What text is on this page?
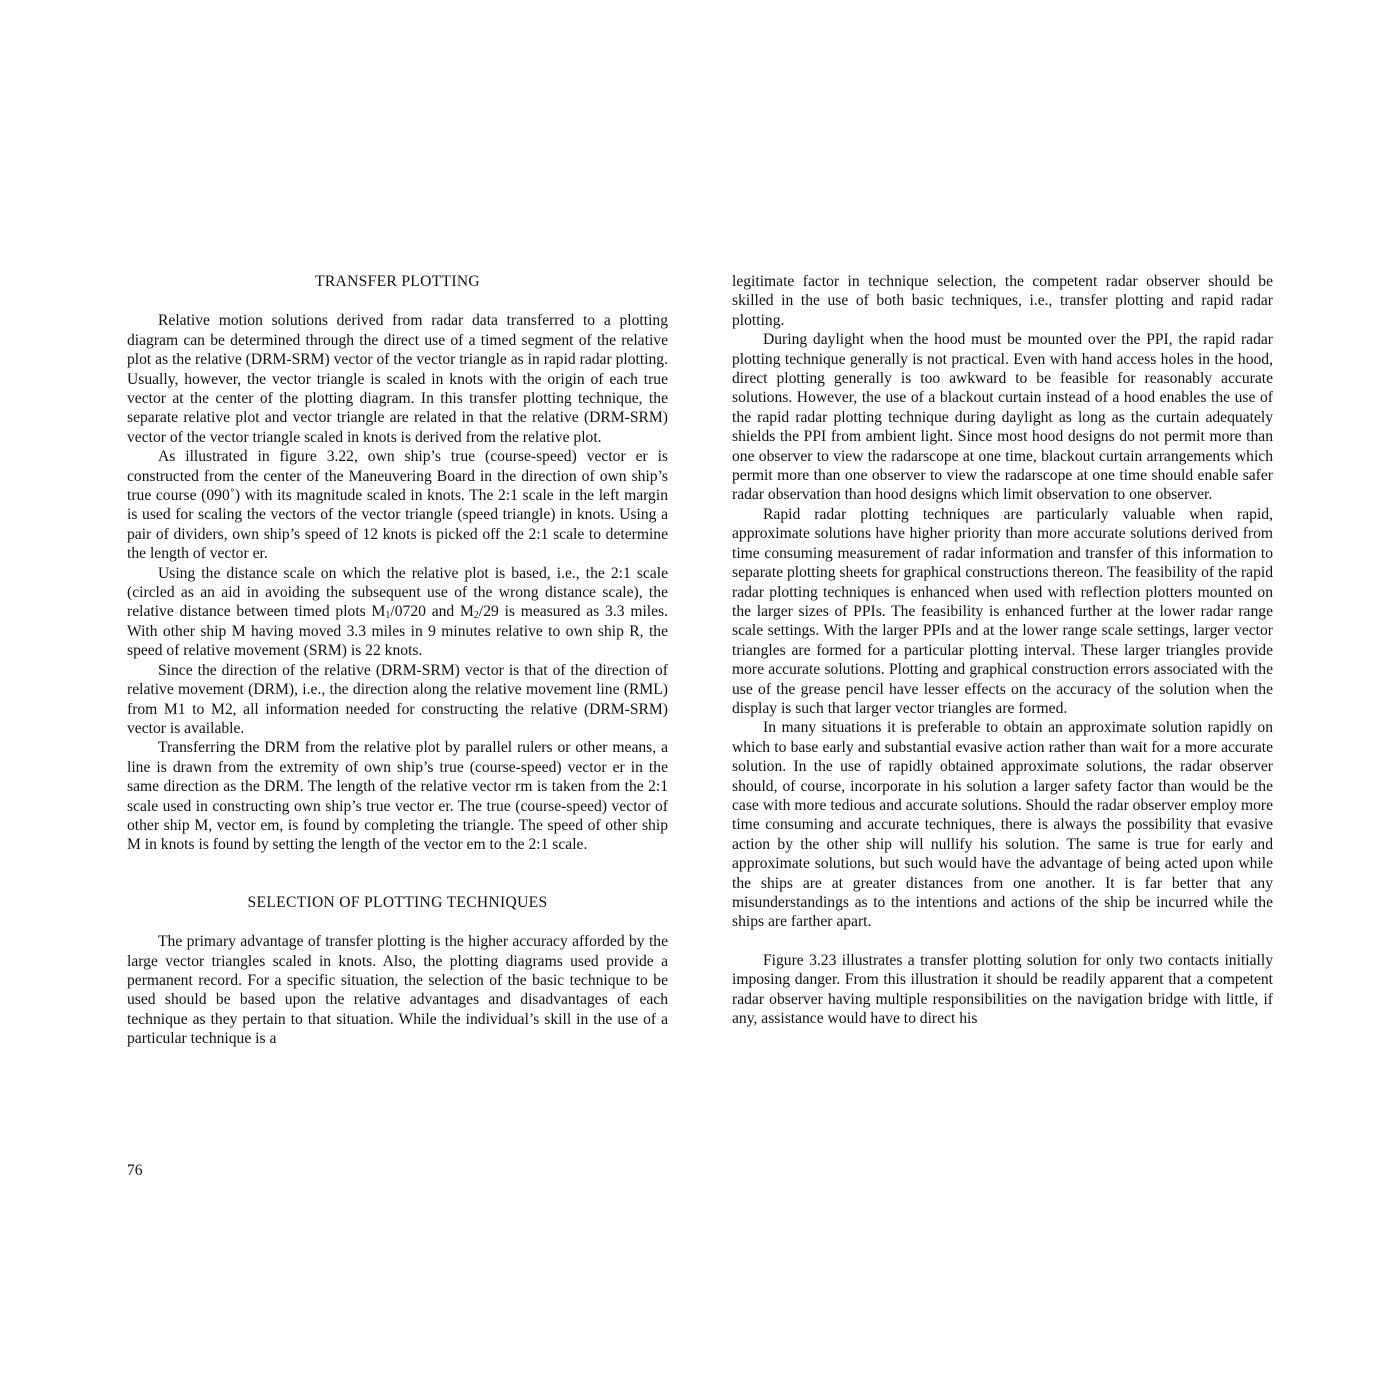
TRANSFER PLOTTING

Relative motion solutions derived from radar data transferred to a plotting diagram can be determined through the direct use of a timed segment of the relative plot as the relative (DRM-SRM) vector of the vector triangle as in rapid radar plotting. Usually, however, the vector triangle is scaled in knots with the origin of each true vector at the center of the plotting diagram. In this transfer plotting technique, the separate relative plot and vector triangle are related in that the relative (DRM-SRM) vector of the vector triangle scaled in knots is derived from the relative plot.

As illustrated in figure 3.22, own ship’s true (course-speed) vector er is constructed from the center of the Maneuvering Board in the direction of own ship’s true course (090˚) with its magnitude scaled in knots. The 2:1 scale in the left margin is used for scaling the vectors of the vector triangle (speed triangle) in knots. Using a pair of dividers, own ship’s speed of 12 knots is picked off the 2:1 scale to determine the length of vector er.

Using the distance scale on which the relative plot is based, i.e., the 2:1 scale (circled as an aid in avoiding the subsequent use of the wrong distance scale), the relative distance between timed plots $M_1/0720$ and $M_2/29$ is measured as 3.3 miles. With other ship M having moved 3.3 miles in 9 minutes relative to own ship R, the speed of relative movement (SRM) is 22 knots.

Since the direction of the relative (DRM-SRM) vector is that of the direction of relative movement (DRM), i.e., the direction along the relative movement line (RML) from M1 to M2, all information needed for constructing the relative (DRM-SRM) vector is available.

Transferring the DRM from the relative plot by parallel rulers or other means, a line is drawn from the extremity of own ship’s true (course-speed) vector er in the same direction as the DRM. The length of the relative vector rm is taken from the 2:1 scale used in constructing own ship’s true vector er. The true (course-speed) vector of other ship M, vector em, is found by completing the triangle. The speed of other ship M in knots is found by setting the length of the vector em to the 2:1 scale.

SELECTION OF PLOTTING TECHNIQUES

The primary advantage of transfer plotting is the higher accuracy afforded by the large vector triangles scaled in knots. Also, the plotting diagrams used provide a permanent record. For a specific situation, the selection of the basic technique to be used should be based upon the relative advantages and disadvantages of each technique as they pertain to that situation. While the individual’s skill in the use of a particular technique is a

legitimate factor in technique selection, the competent radar observer should be skilled in the use of both basic techniques, i.e., transfer plotting and rapid radar plotting.

During daylight when the hood must be mounted over the PPI, the rapid radar plotting technique generally is not practical. Even with hand access holes in the hood, direct plotting generally is too awkward to be feasible for reasonably accurate solutions. However, the use of a blackout curtain instead of a hood enables the use of the rapid radar plotting technique during daylight as long as the curtain adequately shields the PPI from ambient light. Since most hood designs do not permit more than one observer to view the radarscope at one time, blackout curtain arrangements which permit more than one observer to view the radarscope at one time should enable safer radar observation than hood designs which limit observation to one observer.

Rapid radar plotting techniques are particularly valuable when rapid, approximate solutions have higher priority than more accurate solutions derived from time consuming measurement of radar information and transfer of this information to separate plotting sheets for graphical constructions thereon. The feasibility of the rapid radar plotting techniques is enhanced when used with reflection plotters mounted on the larger sizes of PPIs. The feasibility is enhanced further at the lower radar range scale settings. With the larger PPIs and at the lower range scale settings, larger vector triangles are formed for a particular plotting interval. These larger triangles provide more accurate solutions. Plotting and graphical construction errors associated with the use of the grease pencil have lesser effects on the accuracy of the solution when the display is such that larger vector triangles are formed.

In many situations it is preferable to obtain an approximate solution rapidly on which to base early and substantial evasive action rather than wait for a more accurate solution. In the use of rapidly obtained approximate solutions, the radar observer should, of course, incorporate in his solution a larger safety factor than would be the case with more tedious and accurate solutions. Should the radar observer employ more time consuming and accurate techniques, there is always the possibility that evasive action by the other ship will nullify his solution. The same is true for early and approximate solutions, but such would have the advantage of being acted upon while the ships are at greater distances from one another. It is far better that any misunderstandings as to the intentions and actions of the ship be incurred while the ships are farther apart.

Figure 3.23 illustrates a transfer plotting solution for only two contacts initially imposing danger. From this illustration it should be readily apparent that a competent radar observer having multiple responsibilities on the navigation bridge with little, if any, assistance would have to direct his

76
